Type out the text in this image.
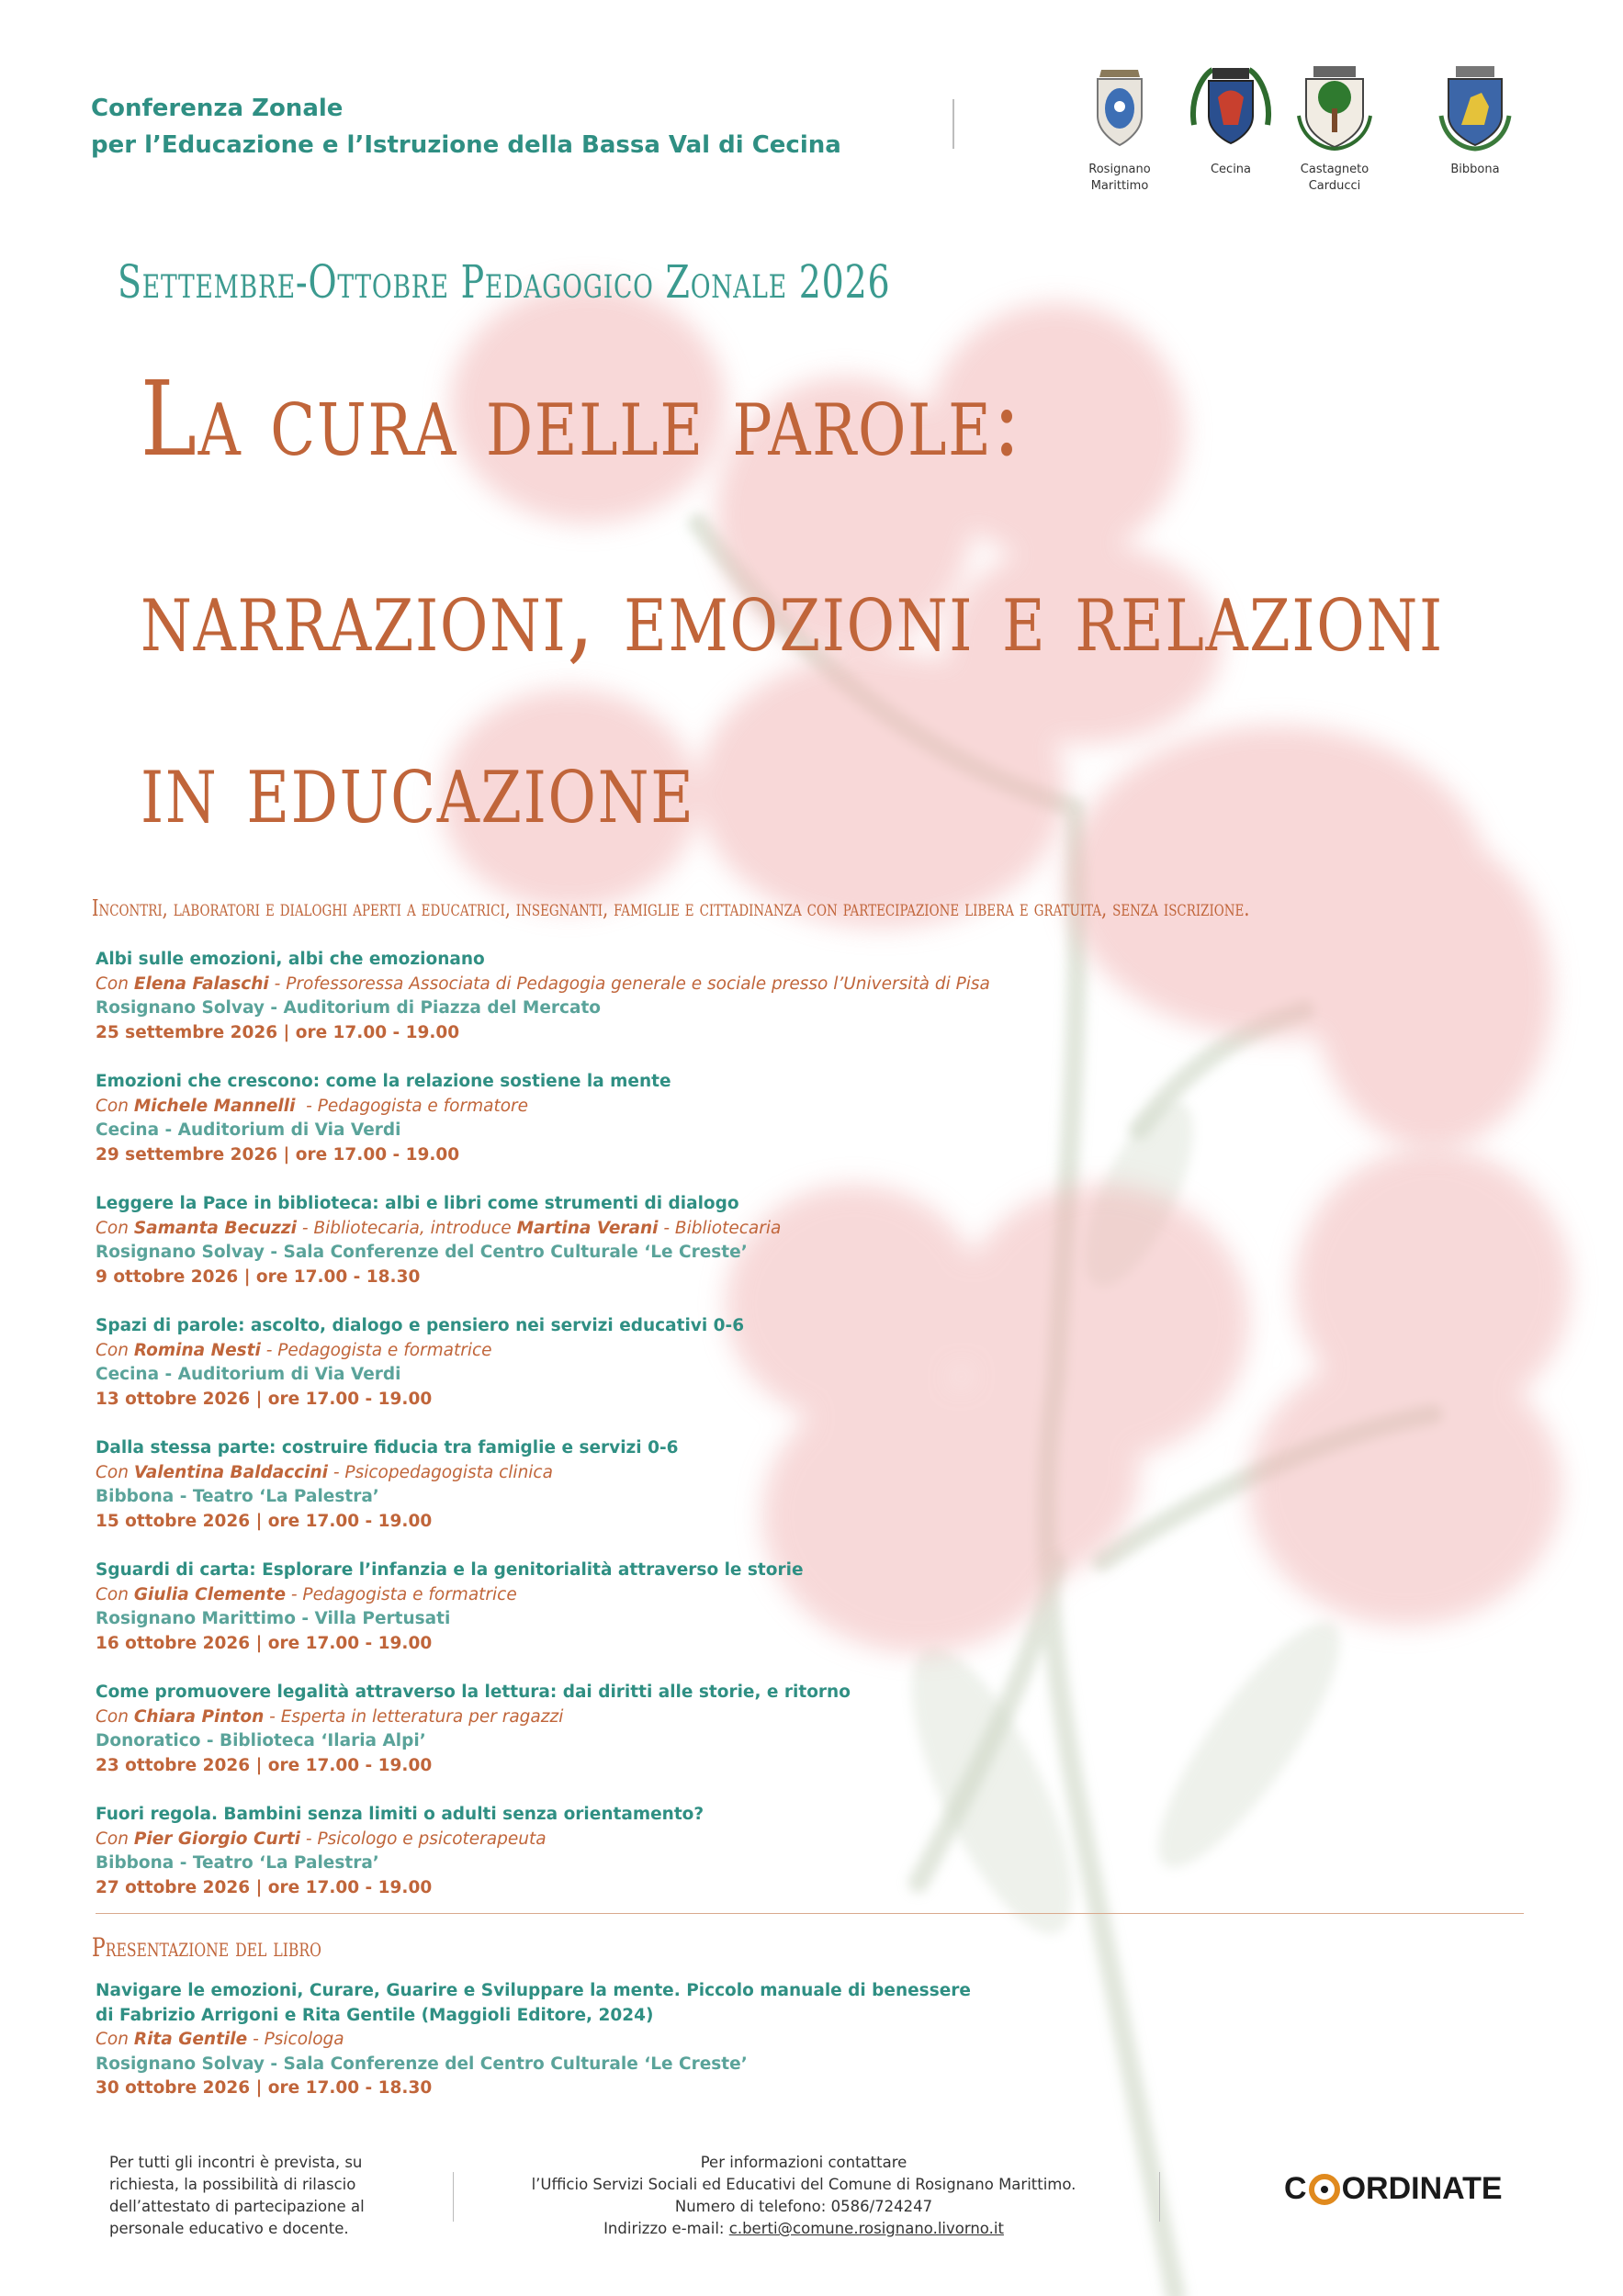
Conferenza Zonale
per l’Educazione e l’Istruzione della Bassa Val di Cecina
Rosignano
Marittimo
Cecina	Castagneto
Carducci
Bibbona
Settembre-Ottobre Pedagogico Zonale 2026
La cura delle parole:
narrazioni, emozioni e relazioni
in educazione
Incontri, laboratori e dialoghi aperti a educatrici, insegnanti, famiglie e cittadinanza con partecipazione libera e gratuita, senza iscrizione.
Albi sulle emozioni, albi che emozionano
Con Elena Falaschi - Professoressa Associata di Pedagogia generale e sociale presso l’Università di Pisa
Rosignano Solvay - Auditorium di Piazza del Mercato
25 settembre 2026 | ore 17.00 - 19.00
Emozioni che crescono: come la relazione sostiene la mente
Con Michele Mannelli  - Pedagogista e formatore
Cecina - Auditorium di Via Verdi
29 settembre 2026 | ore 17.00 - 19.00
Leggere la Pace in biblioteca: albi e libri come strumenti di dialogo
Con Samanta Becuzzi - Bibliotecaria, introduce Martina Verani - Bibliotecaria
Rosignano Solvay - Sala Conferenze del Centro Culturale ‘Le Creste’
9 ottobre 2026 | ore 17.00 - 18.30
Spazi di parole: ascolto, dialogo e pensiero nei servizi educativi 0-6
Con Romina Nesti - Pedagogista e formatrice
Cecina - Auditorium di Via Verdi
13 ottobre 2026 | ore 17.00 - 19.00
Dalla stessa parte: costruire fiducia tra famiglie e servizi 0-6
Con Valentina Baldaccini - Psicopedagogista clinica
Bibbona - Teatro ‘La Palestra’
15 ottobre 2026 | ore 17.00 - 19.00
Sguardi di carta: Esplorare l’infanzia e la genitorialità attraverso le storie
Con Giulia Clemente - Pedagogista e formatrice
Rosignano Marittimo - Villa Pertusati
16 ottobre 2026 | ore 17.00 - 19.00
Come promuovere legalità attraverso la lettura: dai diritti alle storie, e ritorno
Con Chiara Pinton - Esperta in letteratura per ragazzi
Donoratico - Biblioteca ‘Ilaria Alpi’
23 ottobre 2026 | ore 17.00 - 19.00
Fuori regola. Bambini senza limiti o adulti senza orientamento?
Con Pier Giorgio Curti - Psicologo e psicoterapeuta
Bibbona - Teatro ‘La Palestra’
27 ottobre 2026 | ore 17.00 - 19.00
Presentazione del libro
Navigare le emozioni, Curare, Guarire e Sviluppare la mente. Piccolo manuale di benessere
di Fabrizio Arrigoni e Rita Gentile (Maggioli Editore, 2024)
Con Rita Gentile - Psicologa
Rosignano Solvay - Sala Conferenze del Centro Culturale ‘Le Creste’
30 ottobre 2026 | ore 17.00 - 18.30
Per tutti gli incontri è prevista, su
richiesta, la possibilità di rilascio
dell’attestato di partecipazione al
personale educativo e docente.
Per informazioni contattare
l’Ufficio Servizi Sociali ed Educativi del Comune di Rosignano Marittimo.
Numero di telefono: 0586/724247
Indirizzo e-mail: c.berti@comune.rosignano.livorno.it
C ORDINATE
